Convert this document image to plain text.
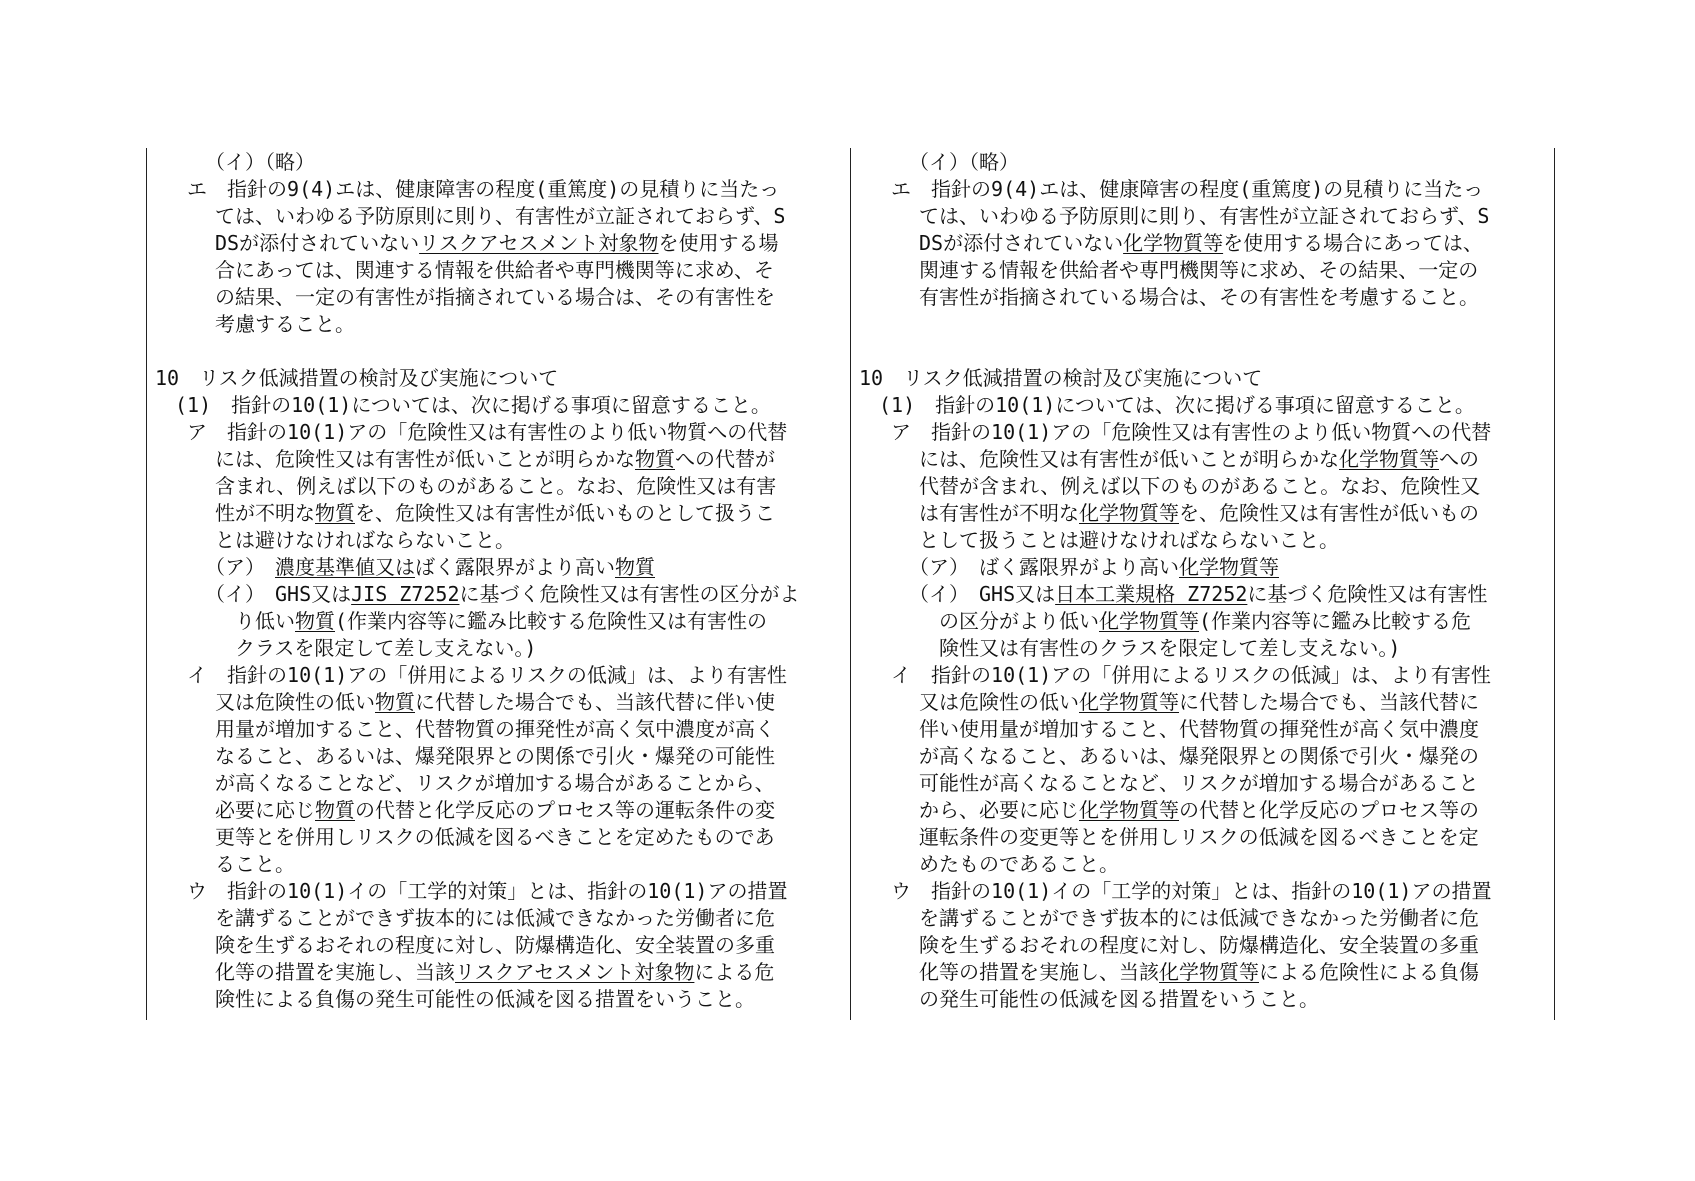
　　　（イ）（略）
　 エ　指針の9(4)エは、健康障害の程度(重篤度)の見積りに当たっ
　　　ては、いわゆる予防原則に則り、有害性が立証されておらず、S
　　　DSが添付されていないリスクアセスメント対象物を使用する場
　　　合にあっては、関連する情報を供給者や専門機関等に求め、そ
　　　の結果、一定の有害性が指摘されている場合は、その有害性を
　　　考慮すること。
10　リスク低減措置の検討及び実施について
　(1)　指針の10(1)については、次に掲げる事項に留意すること。
　 ア　指針の10(1)アの「危険性又は有害性のより低い物質への代替
　　　には、危険性又は有害性が低いことが明らかな物質への代替が
　　　含まれ、例えば以下のものがあること。なお、危険性又は有害
　　　性が不明な物質を、危険性又は有害性が低いものとして扱うこ
　　　とは避けなければならないこと。
　　　（ア）　濃度基準値又はばく露限界がより高い物質
　　　（イ）　GHS又はJIS Z7252に基づく危険性又は有害性の区分がよ
　　　　り低い物質(作業内容等に鑑み比較する危険性又は有害性の
　　　　クラスを限定して差し支えない。)
　 イ　指針の10(1)アの「併用によるリスクの低減」は、より有害性
　　　又は危険性の低い物質に代替した場合でも、当該代替に伴い使
　　　用量が増加すること、代替物質の揮発性が高く気中濃度が高く
　　　なること、あるいは、爆発限界との関係で引火・爆発の可能性
　　　が高くなることなど、リスクが増加する場合があることから、
　　　必要に応じ物質の代替と化学反応のプロセス等の運転条件の変
　　　更等とを併用しリスクの低減を図るべきことを定めたものであ
　　　ること。
　 ウ　指針の10(1)イの「工学的対策」とは、指針の10(1)アの措置
　　　を講ずることができず抜本的には低減できなかった労働者に危
　　　険を生ずるおそれの程度に対し、防爆構造化、安全装置の多重
　　　化等の措置を実施し、当該リスクアセスメント対象物による危
　　　険性による負傷の発生可能性の低減を図る措置をいうこと。
　　　（イ）（略）
　 エ　指針の9(4)エは、健康障害の程度(重篤度)の見積りに当たっ
　　　ては、いわゆる予防原則に則り、有害性が立証されておらず、S
　　　DSが添付されていない化学物質等を使用する場合にあっては、
　　　関連する情報を供給者や専門機関等に求め、その結果、一定の
　　　有害性が指摘されている場合は、その有害性を考慮すること。
10　リスク低減措置の検討及び実施について
　(1)　指針の10(1)については、次に掲げる事項に留意すること。
　 ア　指針の10(1)アの「危険性又は有害性のより低い物質への代替
　　　には、危険性又は有害性が低いことが明らかな化学物質等への
　　　代替が含まれ、例えば以下のものがあること。なお、危険性又
　　　は有害性が不明な化学物質等を、危険性又は有害性が低いもの
　　　として扱うことは避けなければならないこと。
　　　（ア）　ばく露限界がより高い化学物質等
　　　（イ）　GHS又は日本工業規格 Z7252に基づく危険性又は有害性
　　　　の区分がより低い化学物質等(作業内容等に鑑み比較する危
　　　　険性又は有害性のクラスを限定して差し支えない。)
　 イ　指針の10(1)アの「併用によるリスクの低減」は、より有害性
　　　又は危険性の低い化学物質等に代替した場合でも、当該代替に
　　　伴い使用量が増加すること、代替物質の揮発性が高く気中濃度
　　　が高くなること、あるいは、爆発限界との関係で引火・爆発の
　　　可能性が高くなることなど、リスクが増加する場合があること
　　　から、必要に応じ化学物質等の代替と化学反応のプロセス等の
　　　運転条件の変更等とを併用しリスクの低減を図るべきことを定
　　　めたものであること。
　 ウ　指針の10(1)イの「工学的対策」とは、指針の10(1)アの措置
　　　を講ずることができず抜本的には低減できなかった労働者に危
　　　険を生ずるおそれの程度に対し、防爆構造化、安全装置の多重
　　　化等の措置を実施し、当該化学物質等による危険性による負傷
　　　の発生可能性の低減を図る措置をいうこと。
